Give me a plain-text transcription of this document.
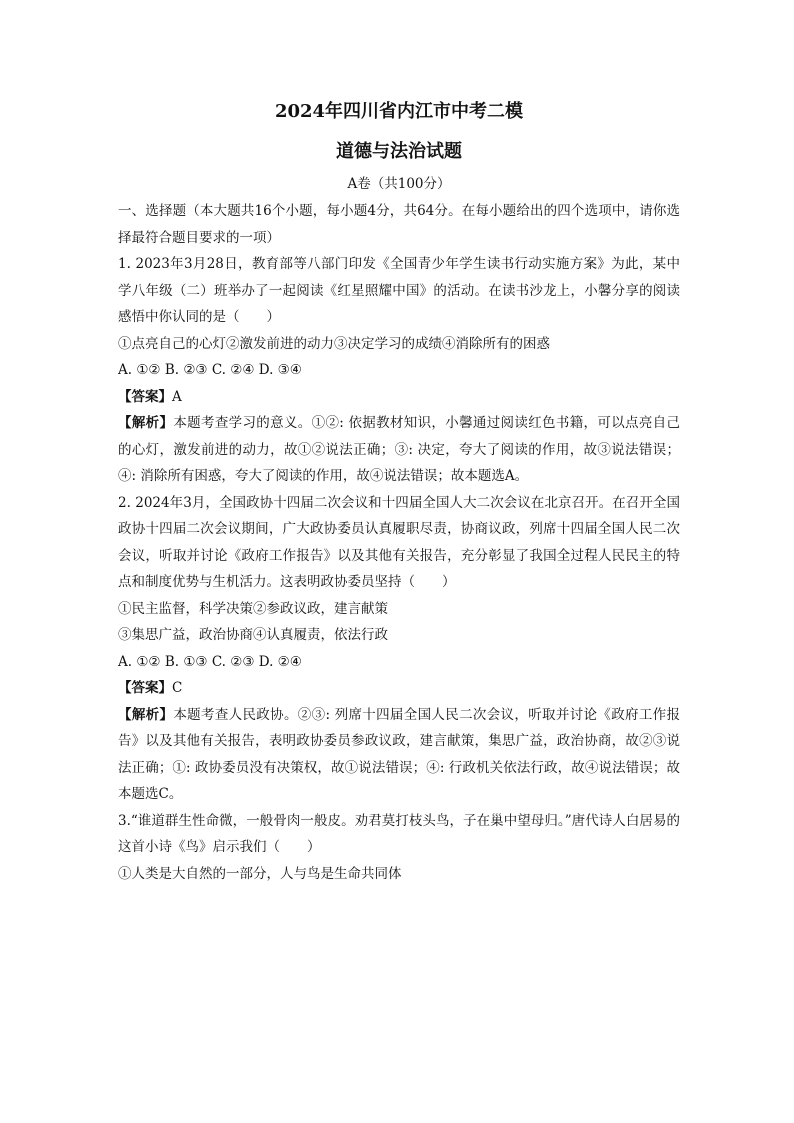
2024年四川省内江市中考二模
道德与法治试题
A卷（共100分）

一、选择题（本大题共16个小题，每小题4分，共64分。在每小题给出的四个选项中，请你选择最符合题目要求的一项）

1. 2023年3月28日，教育部等八部门印发《全国青少年学生读书行动实施方案》为此，某中学八年级（二）班举办了一起阅读《红星照耀中国》的活动。在读书沙龙上，小馨分享的阅读感悟中你认同的是（　　）

①点亮自己的心灯②激发前进的动力③决定学习的成绩④消除所有的困惑

A. ①② B. ②③ C. ②④ D. ③④

【答案】A

【解析】本题考查学习的意义。①②: 依据教材知识，小馨通过阅读红色书籍，可以点亮自己的心灯，激发前进的动力，故①②说法正确；③: 决定，夸大了阅读的作用，故③说法错误；④: 消除所有困惑，夸大了阅读的作用，故④说法错误；故本题选A。

2. 2024年3月，全国政协十四届二次会议和十四届全国人大二次会议在北京召开。在召开全国政协十四届二次会议期间，广大政协委员认真履职尽责，协商议政，列席十四届全国人民二次会议，听取并讨论《政府工作报告》以及其他有关报告，充分彰显了我国全过程人民民主的特点和制度优势与生机活力。这表明政协委员坚持（　　）

①民主监督，科学决策②参政议政，建言献策

③集思广益，政治协商④认真履责，依法行政

A. ①② B. ①③ C. ②③ D. ②④

【答案】C

【解析】本题考查人民政协。②③: 列席十四届全国人民二次会议，听取并讨论《政府工作报告》以及其他有关报告，表明政协委员参政议政，建言献策，集思广益，政治协商，故②③说法正确；①: 政协委员没有决策权，故①说法错误；④: 行政机关依法行政，故④说法错误；故本题选C。

3.“谁道群生性命微，一般骨肉一般皮。劝君莫打枝头鸟，子在巢中望母归。”唐代诗人白居易的这首小诗《鸟》启示我们（　　）

①人类是大自然的一部分，人与鸟是生命共同体
